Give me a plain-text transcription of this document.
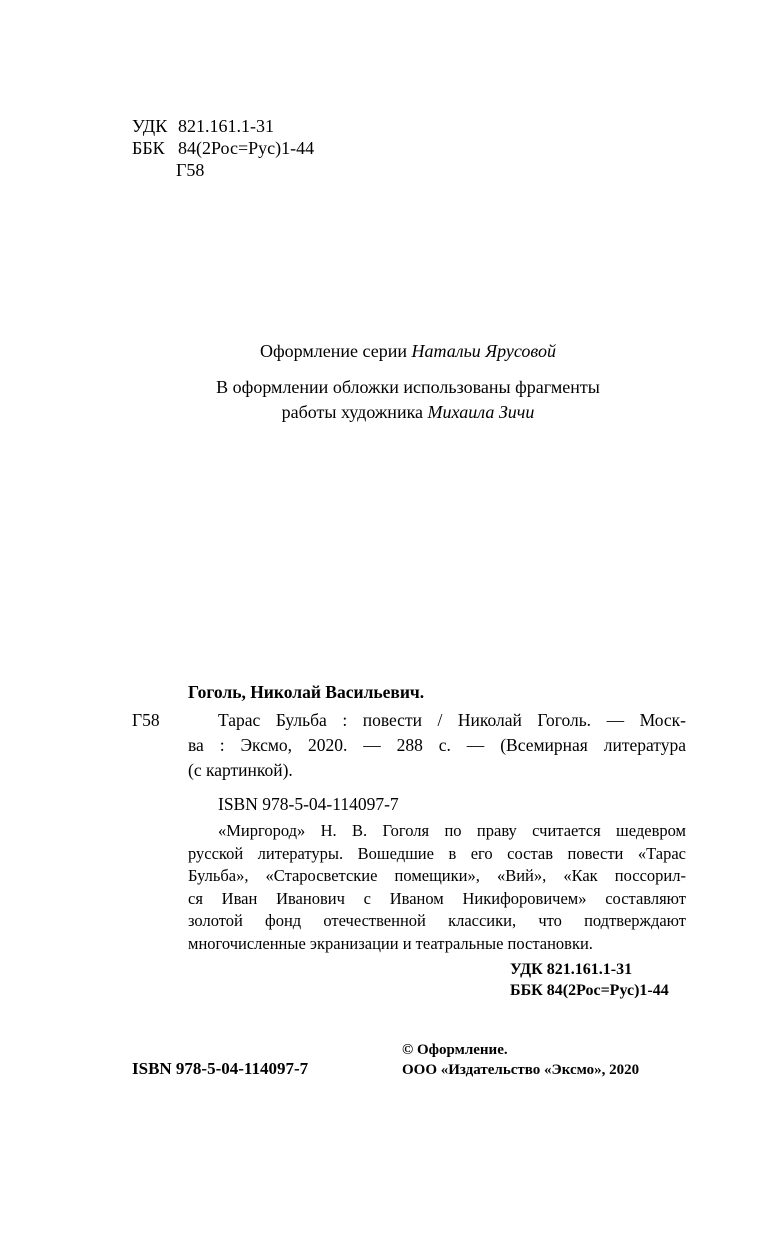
УДК 821.161.1-31
ББК 84(2Рос=Рус)1-44
Г58
Оформление серии Натальи Ярусовой
В оформлении обложки использованы фрагменты
работы художника Михаила Зичи
Гоголь, Николай Васильевич.
Г58	Тарас Бульба : повести / Николай Гоголь. — Моск-
ва : Эксмо, 2020. — 288 с. — (Всемирная литература
(с картинкой).
ISBN 978-5-04-114097-7
«Миргород» Н. В. Гоголя по праву считается шедевром
русской литературы. Вошедшие в его состав повести «Тарас
Бульба», «Старосветские помещики», «Вий», «Как поссорил-
ся Иван Иванович с Иваном Никифоровичем» составляют
золотой фонд отечественной классики, что подтверждают
многочисленные экранизации и театральные постановки.
УДК 821.161.1-31
ББК 84(2Рос=Рус)1-44
ISBN 978-5-04-114097-7
© Оформление.
ООО «Издательство «Эксмо», 2020
